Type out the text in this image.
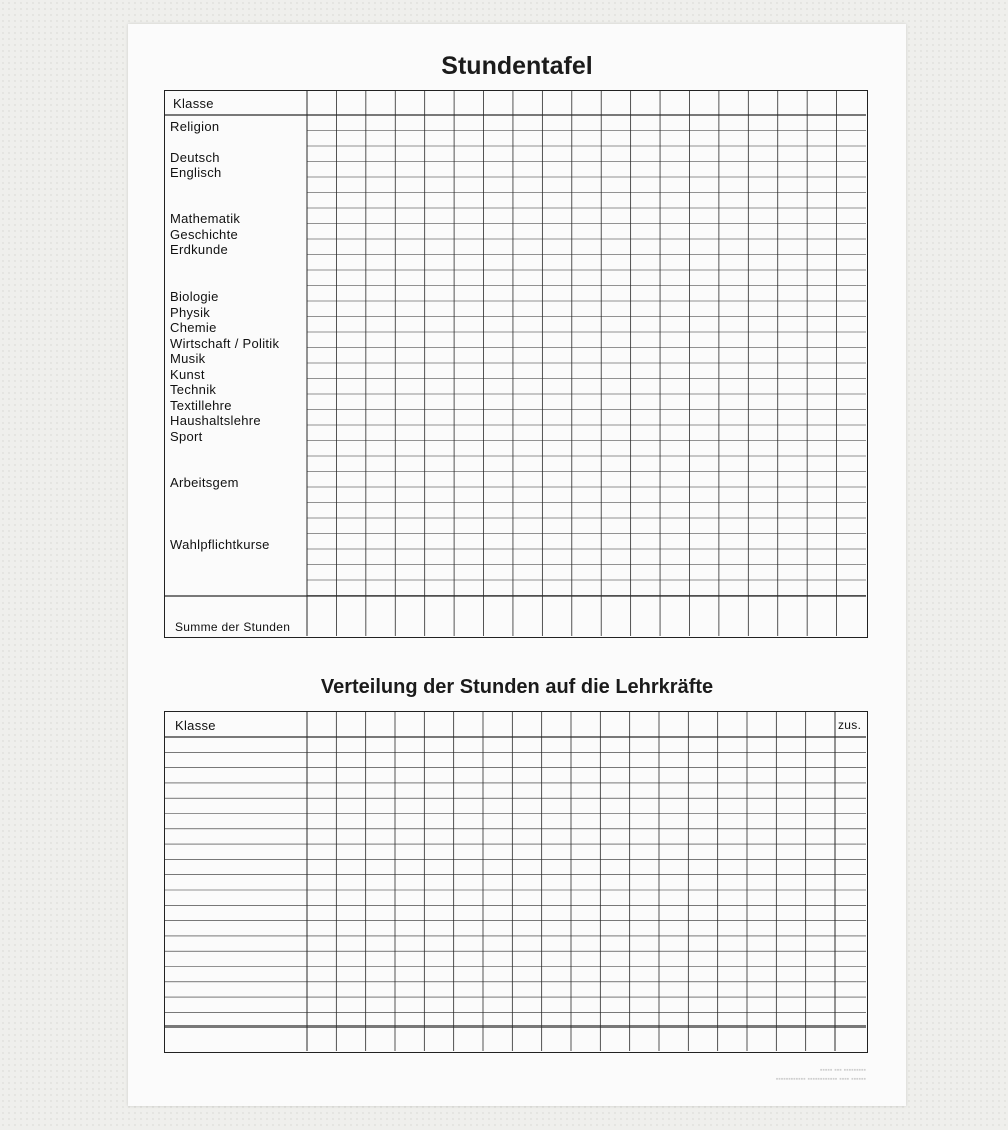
Stundentafel
Klasse
Religion
Deutsch
Englisch
Mathematik
Geschichte
Erdkunde
Biologie
Physik
Chemie
Wirtschaft / Politik
Musik
Kunst
Technik
Textillehre
Haushaltslehre
Sport
Arbeitsgem
Wahlpflichtkurse
Summe der Stunden
Verteilung der Stunden auf die Lehrkräfte
Klasse	zus.
▪▪▪▪▪ ▪▪▪ ▪▪▪▪▪▪▪▪▪
▪▪▪▪▪▪▪▪▪▪▪▪ ▪▪▪▪▪▪▪▪▪▪▪▪ ▪▪▪▪ ▪▪▪▪▪▪
